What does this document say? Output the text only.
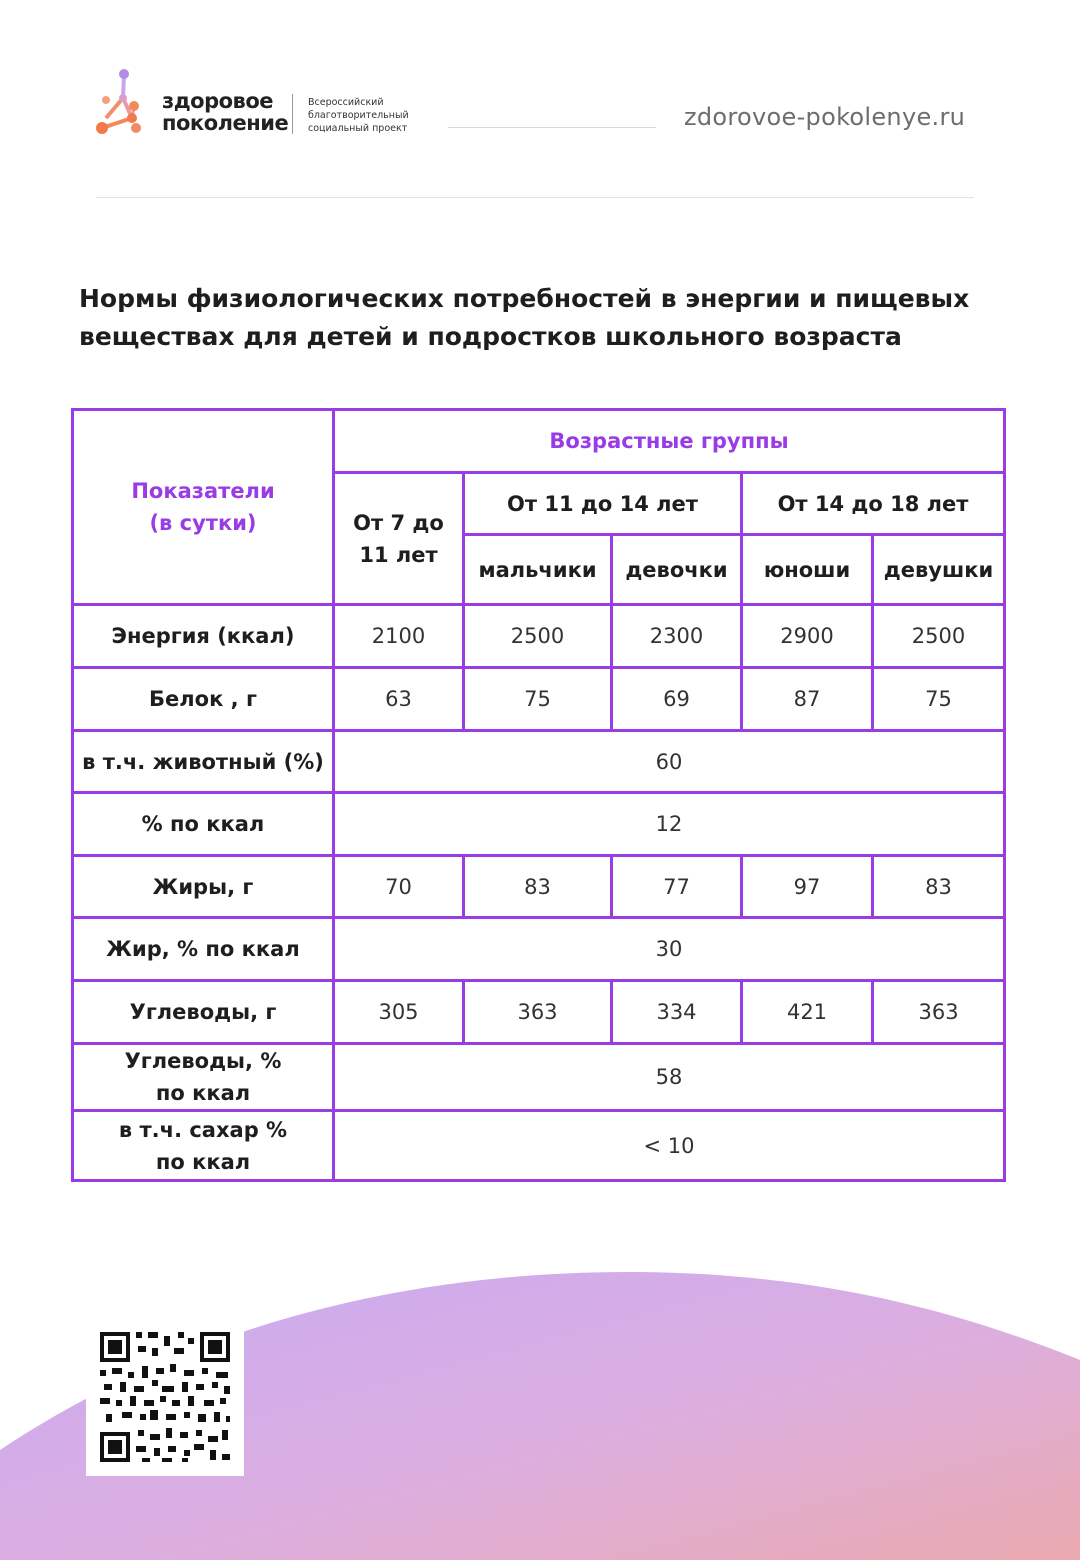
здоровое
поколение
Всероссийский
благотворительный
социальный проект	zdorovoe-pokolenye.ru
Нормы физиологических потребностей в энергии и пищевых
веществах для детей и подростков школьного возраста
Показатели
(в сутки)	Возрастные группы				

	От 7 до
11 лет	От 11 до 14 лет		От 14 до 18 лет	
		мальчики	девочки	юноши	девушки
Энергия (ккал)	2100	2500	2300	2900	2500
Белок , г	63	75	69	87	75
в т.ч. животный (%)	60				
% по ккал	12				
Жиры, г	70	83	77	97	83
Жир, % по ккал	30				
Углеводы, г	305	363	334	421	363

Углеводы, %
по ккал	58				

в т.ч. сахар %
по ккал	< 10				
